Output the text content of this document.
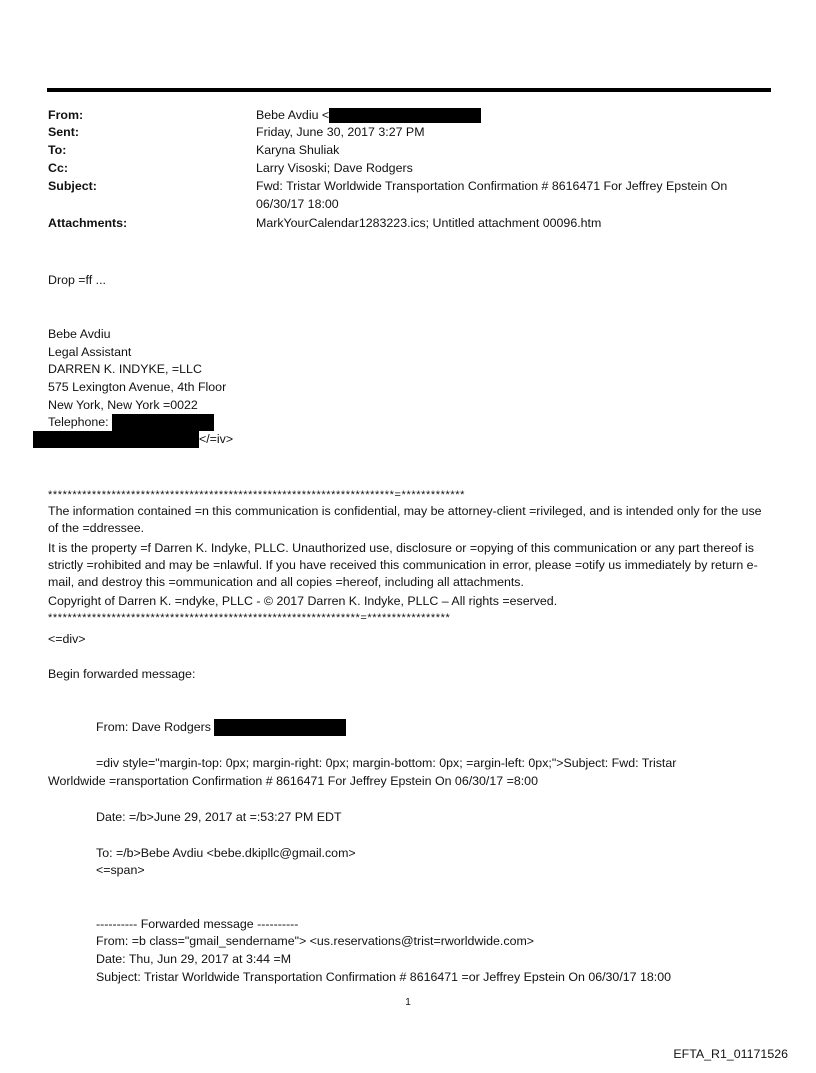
From:	Bebe Avdiu <
Sent:	Friday, June 30, 2017 3:27 PM
To:	Karyna Shuliak
Cc:	Larry Visoski; Dave Rodgers
Subject:	Fwd: Tristar Worldwide Transportation Confirmation # 8616471 For Jeffrey Epstein On
06/30/17 18:00
Attachments:	MarkYourCalendar1283223.ics; Untitled attachment 00096.htm
Drop =ff ...
Bebe Avdiu
Legal Assistant
DARREN K. INDYKE, =LLC
575 Lexington Avenue, 4th Floor
New York, New York =0022
Telephone:
</=iv>
***********************************************************************=*************
The information contained =n this communication is confidential, may be attorney-client =rivileged, and is intended only for the use of the =ddressee.
It is the property =f Darren K. Indyke, PLLC. Unauthorized use, disclosure or =opying of this communication or any part thereof is strictly =rohibited and may be =nlawful. If you have received this communication in error, please =otify us immediately by return e-mail, and destroy this =ommunication and all copies =hereof, including all attachments.
Copyright of Darren K. =ndyke, PLLC - © 2017 Darren K. Indyke, PLLC – All rights =eserved.
****************************************************************=*****************
<=div>
Begin forwarded message:
From: Dave Rodgers
=div style="margin-top: 0px; margin-right: 0px; margin-bottom: 0px; =argin-left: 0px;">Subject: Fwd: Tristar
Worldwide =ransportation Confirmation # 8616471 For Jeffrey Epstein On 06/30/17 =8:00
Date: =/b>June 29, 2017 at =:53:27 PM EDT
To: =/b>Bebe Avdiu <bebe.dkipllc@gmail.com>
<=span>
---------- Forwarded message ----------
From: =b class="gmail_sendername"> <us.reservations@trist=rworldwide.com>
Date: Thu, Jun 29, 2017 at 3:44 =M
Subject: Tristar Worldwide Transportation Confirmation # 8616471 =or Jeffrey Epstein On 06/30/17 18:00
1
EFTA_R1_01171526
